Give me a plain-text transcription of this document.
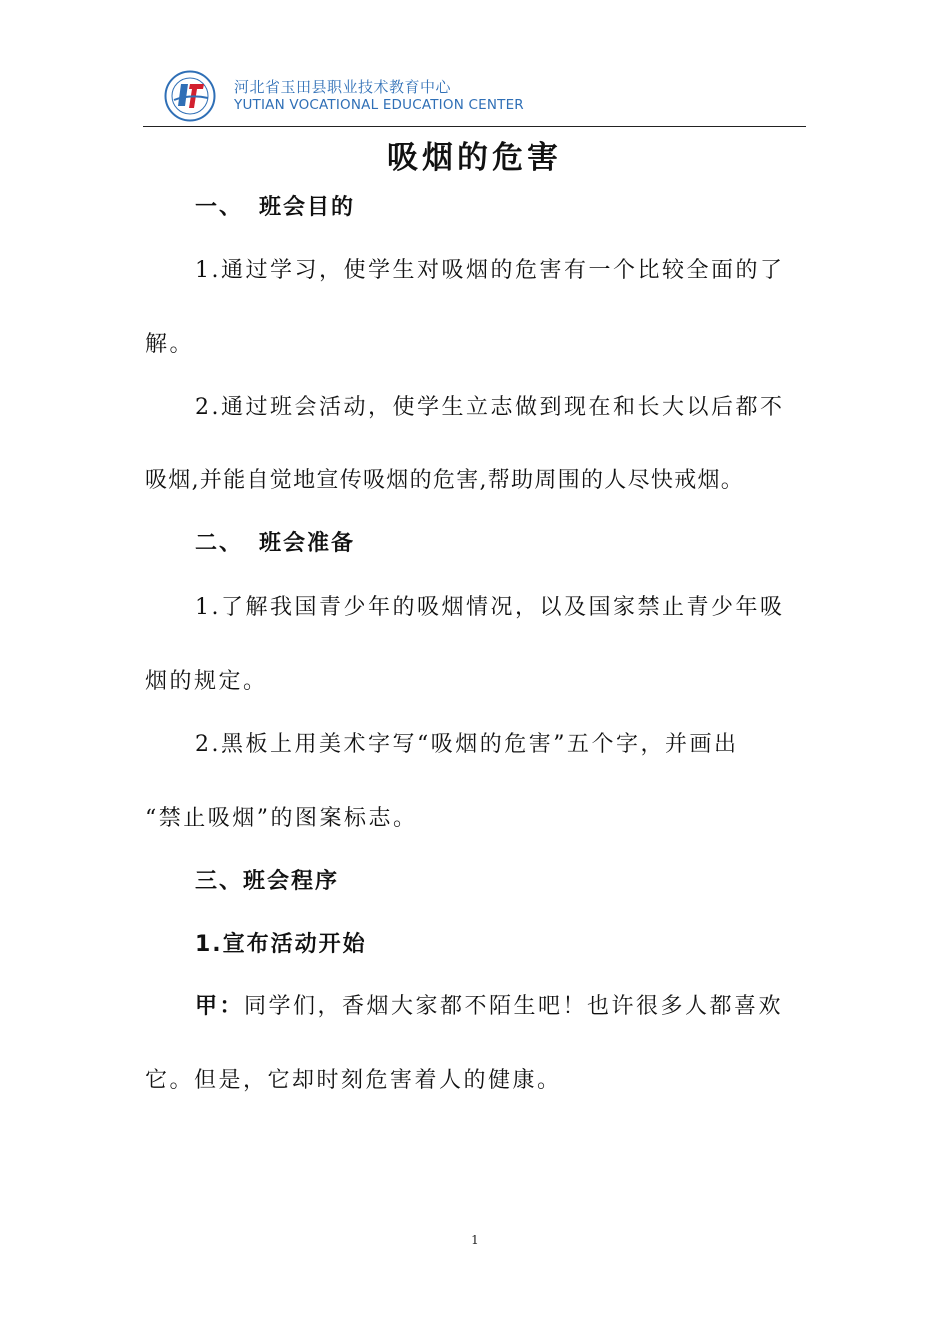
河北省玉田县职业技术教育中心
YUTIAN VOCATIONAL EDUCATION CENTER
吸烟的危害
一、 班会目的

1.通过学习，使学生对吸烟的危害有一个比较全面的了

解。

2.通过班会活动，使学生立志做到现在和长大以后都不

吸烟,并能自觉地宣传吸烟的危害,帮助周围的人尽快戒烟。

二、 班会准备

1.了解我国青少年的吸烟情况，以及国家禁止青少年吸

烟的规定。

2.黑板上用美术字写“吸烟的危害”五个字，并画出

“禁止吸烟”的图案标志。

三、班会程序
1.宣布活动开始

甲：同学们，香烟大家都不陌生吧！也许很多人都喜欢

它。但是，它却时刻危害着人的健康。

1
